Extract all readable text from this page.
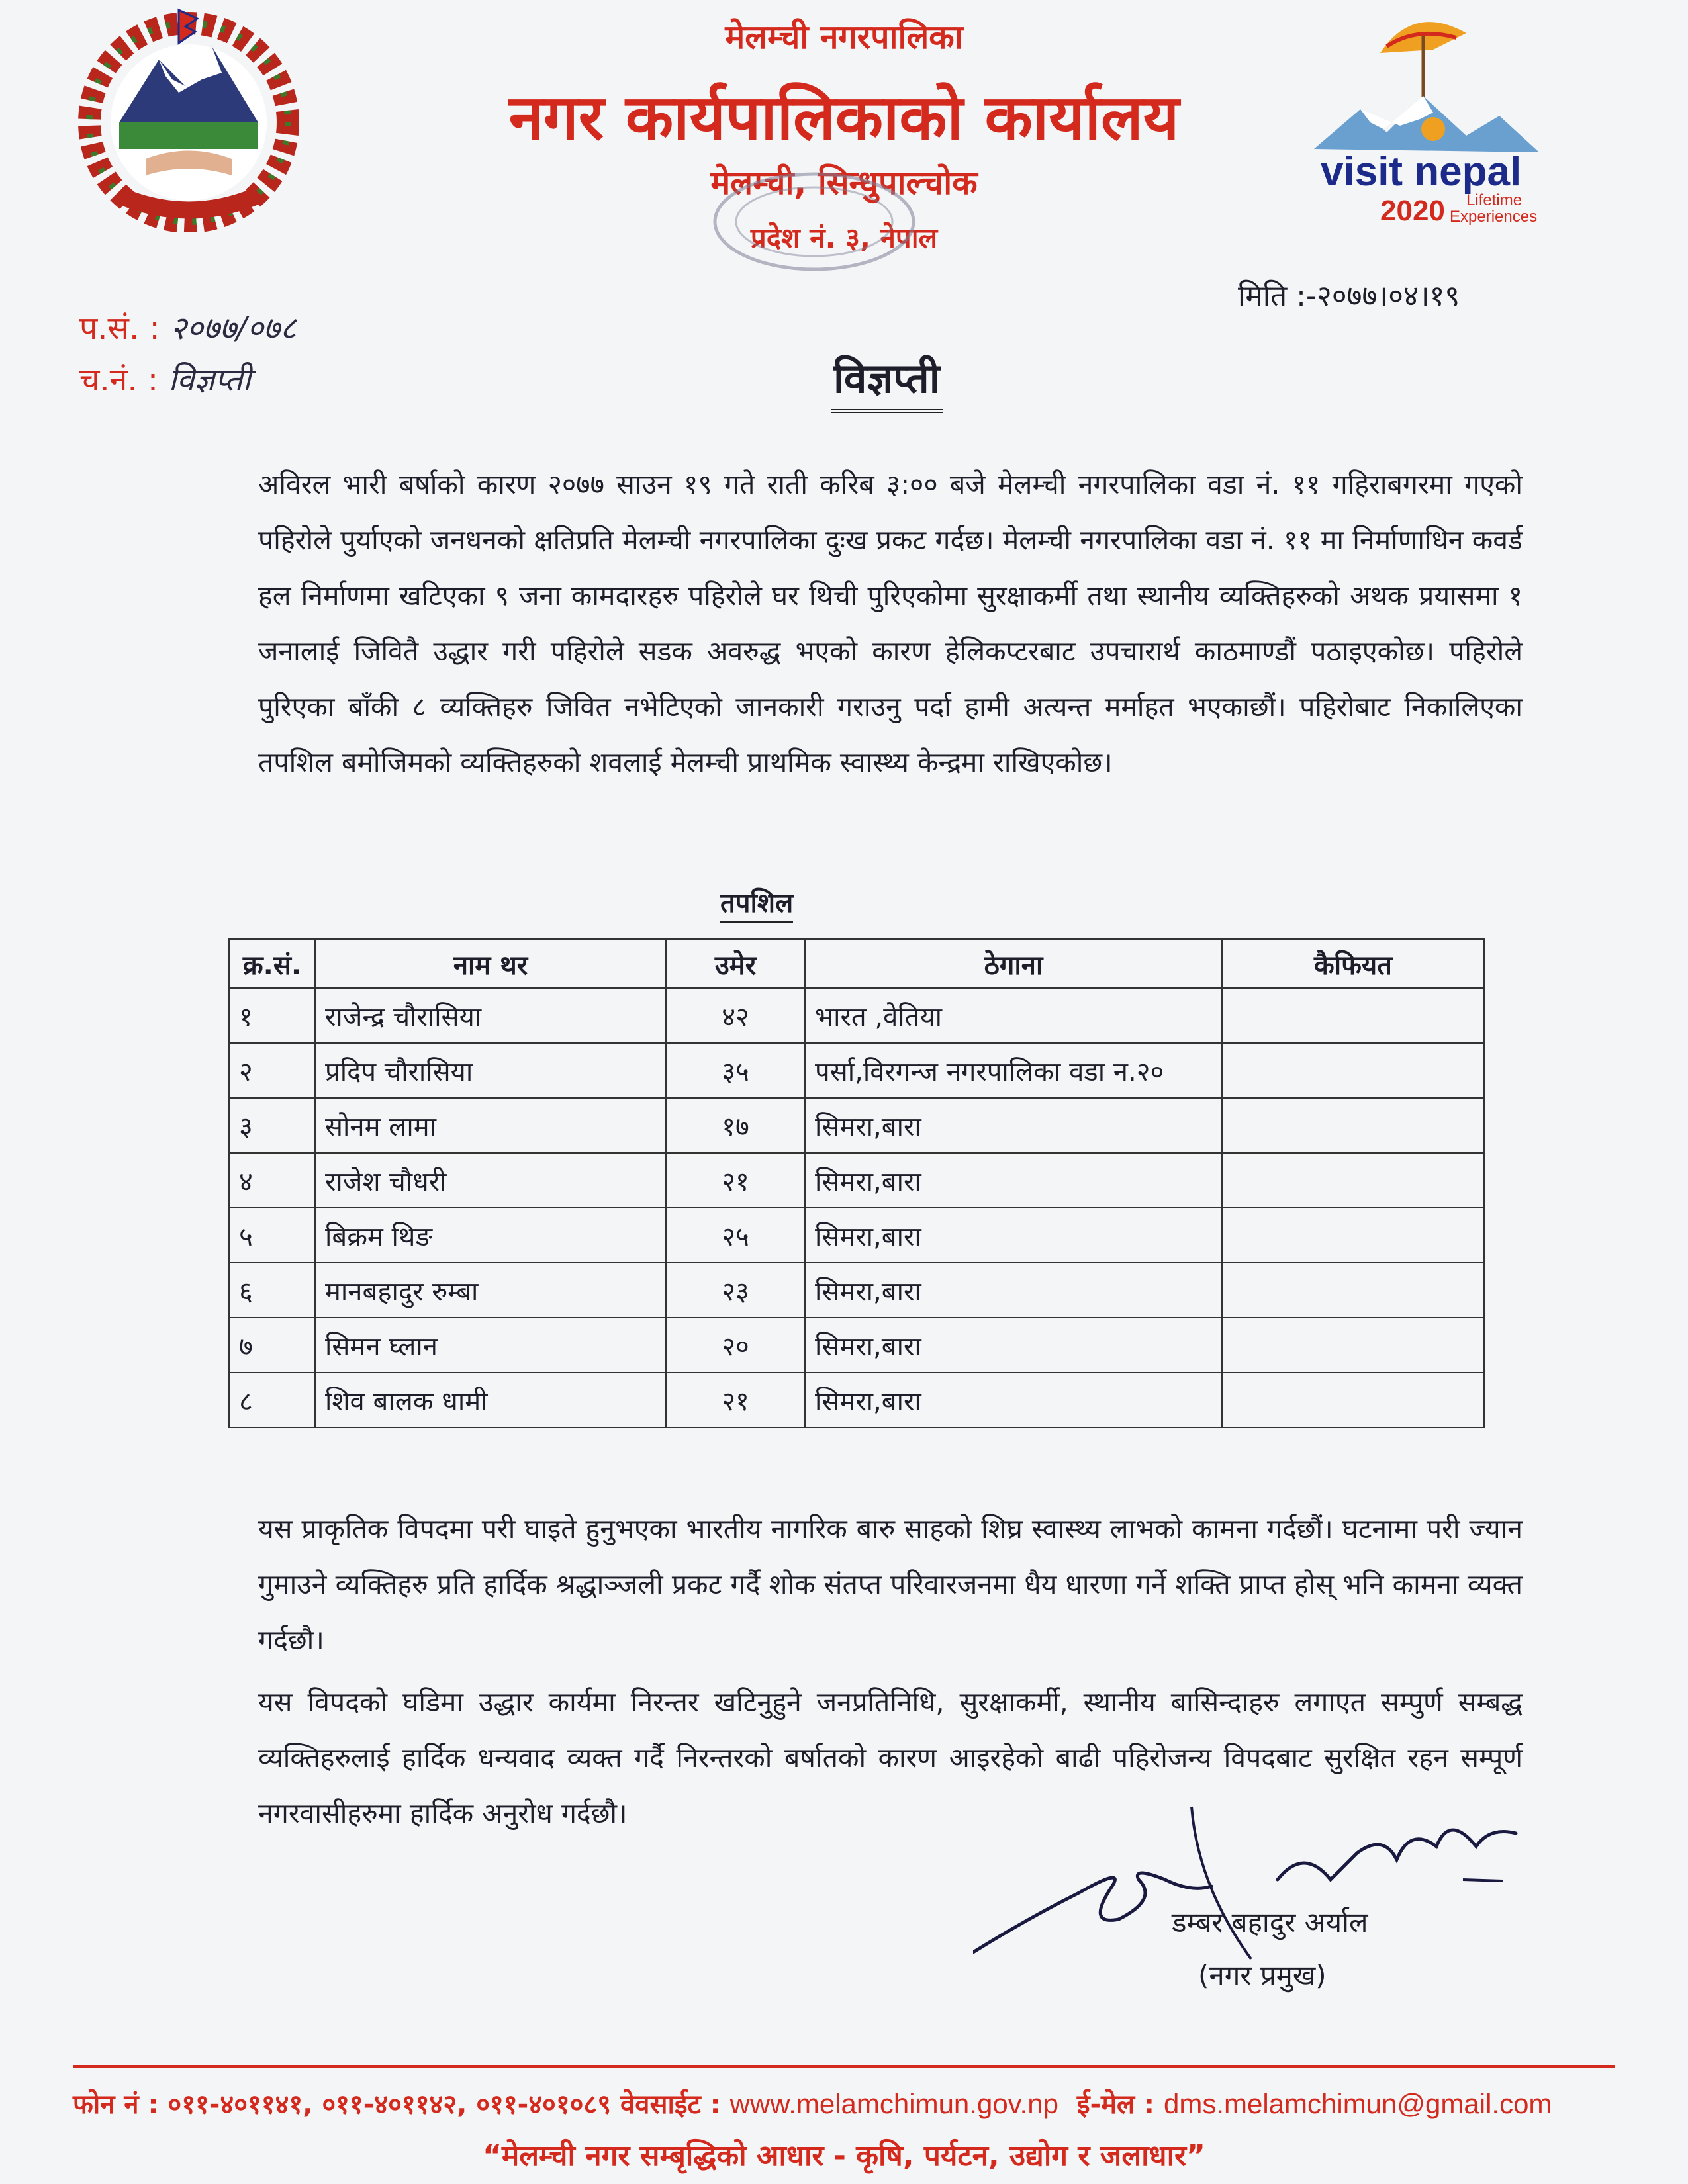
visit nepal
2020 Lifetime
Experiences
मेलम्ची नगरपालिका
नगर कार्यपालिकाको कार्यालय
मेलम्ची, सिन्धुपाल्चोक
प्रदेश नं. ३, नेपाल
मिति :-२०७७।०४।१९
प.सं. : २०७७/०७८
च.नं. : विज्ञप्ती	विज्ञप्ती
अविरल भारी बर्षाको कारण २०७७ साउन १९ गते राती करिब ३:०० बजे मेलम्ची नगरपालिका वडा नं. ११ गहिराबगरमा गएको पहिरोले पुर्याएको जनधनको क्षतिप्रति मेलम्ची नगरपालिका दुःख प्रकट गर्दछ। मेलम्ची नगरपालिका वडा नं. ११ मा निर्माणाधिन कवर्ड हल निर्माणमा खटिएका ९ जना कामदारहरु पहिरोले घर थिची पुरिएकोमा सुरक्षाकर्मी तथा स्थानीय व्यक्तिहरुको अथक प्रयासमा १ जनालाई जिवितै उद्धार गरी पहिरोले सडक अवरुद्ध भएको कारण हेलिकप्टरबाट उपचारार्थ काठमाण्डौं पठाइएकोछ। पहिरोले पुरिएका बाँकी ८ व्यक्तिहरु जिवित नभेटिएको जानकारी गराउनु पर्दा हामी अत्यन्त मर्माहत भएकाछौं। पहिरोबाट निकालिएका तपशिल बमोजिमको व्यक्तिहरुको शवलाई मेलम्ची प्राथमिक स्वास्थ्य केन्द्रमा राखिएकोछ।
तपशिल
क्र.सं.	नाम थर	उमेर	ठेगाना	कैफियत
१	राजेन्द्र चौरासिया	४२	भारत ,वेतिया	
२	प्रदिप चौरासिया	३५	पर्सा,विरगन्ज नगरपालिका वडा न.२०	
३	सोनम लामा	१७	सिमरा,बारा	
४	राजेश चौधरी	२१	सिमरा,बारा	
५	बिक्रम थिङ	२५	सिमरा,बारा	
६	मानबहादुर रुम्बा	२३	सिमरा,बारा	
७	सिमन घ्लान	२०	सिमरा,बारा	
८	शिव बालक धामी	२१	सिमरा,बारा	
यस प्राकृतिक विपदमा परी घाइते हुनुभएका भारतीय नागरिक बारु साहको शिघ्र स्वास्थ्य लाभको कामना गर्दछौं। घटनामा परी ज्यान गुमाउने व्यक्तिहरु प्रति हार्दिक श्रद्धाञ्जली प्रकट गर्दै शोक संतप्त परिवारजनमा धैय धारणा गर्ने शक्ति प्राप्त होस् भनि कामना व्यक्त गर्दछौ।
यस विपदको घडिमा उद्धार कार्यमा निरन्तर खटिनुहुने जनप्रतिनिधि, सुरक्षाकर्मी, स्थानीय बासिन्दाहरु लगाएत सम्पुर्ण सम्बद्ध व्यक्तिहरुलाई हार्दिक धन्यवाद व्यक्त गर्दै निरन्तरको बर्षातको कारण आइरहेको बाढी पहिरोजन्य विपदबाट सुरक्षित रहन सम्पूर्ण नगरवासीहरुमा हार्दिक अनुरोध गर्दछौ।
डम्बर बहादुर अर्याल
(नगर प्रमुख)
फोन नं : ०११-४०११४१, ०११-४०११४२, ०११-४०१०८९ वेवसाईट : www.melamchimun.gov.np ई-मेल : dms.melamchimun@gmail.com
“मेलम्ची नगर सम्बृद्धिको आधार - कृषि, पर्यटन, उद्योग र जलाधार”
